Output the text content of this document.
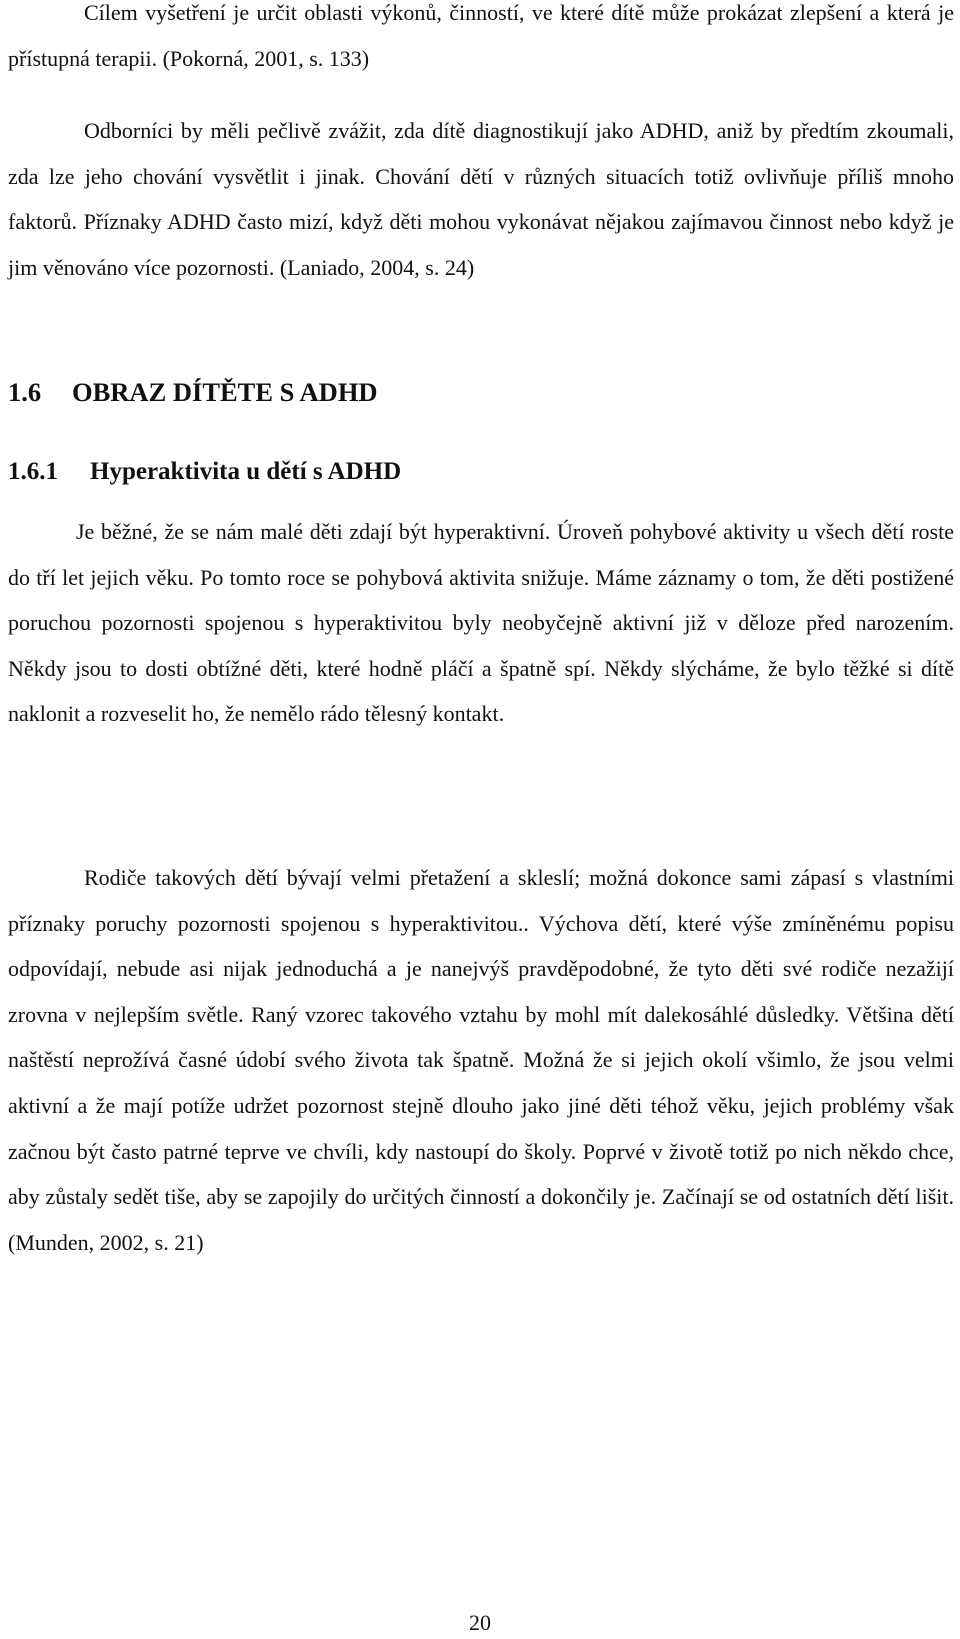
Cílem vyšetření je určit oblasti výkonů, činností, ve které dítě může prokázat zlepšení a která je přístupná terapii. (Pokorná, 2001, s. 133)

Odborníci by měli pečlivě zvážit, zda dítě diagnostikují jako ADHD, aniž by předtím zkoumali, zda lze jeho chování vysvětlit i jinak. Chování dětí v různých situacích totiž ovlivňuje příliš mnoho faktorů. Příznaky ADHD často mizí, když děti mohou vykonávat nějakou zajímavou činnost nebo když je jim věnováno více pozornosti. (Laniado, 2004, s. 24)

1.6 OBRAZ DÍTĚTE S ADHD
1.6.1 Hyperaktivita u dětí s ADHD

Je běžné, že se nám malé děti zdají být hyperaktivní. Úroveň pohybové aktivity u všech dětí roste do tří let jejich věku. Po tomto roce se pohybová aktivita snižuje. Máme záznamy o tom, že děti postižené poruchou pozornosti spojenou s hyperaktivitou byly neobyčejně aktivní již v děloze před narozením. Někdy jsou to dosti obtížné děti, které hodně pláčí a špatně spí. Někdy slýcháme, že bylo těžké si dítě naklonit a rozveselit ho, že nemělo rádo tělesný kontakt.

Rodiče takových dětí bývají velmi přetažení a skleslí; možná dokonce sami zápasí s vlastními příznaky poruchy pozornosti spojenou s hyperaktivitou.. Výchova dětí, které výše zmíněnému popisu odpovídají, nebude asi nijak jednoduchá a je nanejvýš pravděpodobné, že tyto děti své rodiče nezažijí zrovna v nejlepším světle. Raný vzorec takového vztahu by mohl mít dalekosáhlé důsledky. Většina dětí naštěstí neprožívá časné údobí svého života tak špatně. Možná že si jejich okolí všimlo, že jsou velmi aktivní a že mají potíže udržet pozornost stejně dlouho jako jiné děti téhož věku, jejich problémy však začnou být často patrné teprve ve chvíli, kdy nastoupí do školy. Poprvé v životě totiž po nich někdo chce, aby zůstaly sedět tiše, aby se zapojily do určitých činností a dokončily je. Začínají se od ostatních dětí lišit. (Munden, 2002, s. 21)

20
